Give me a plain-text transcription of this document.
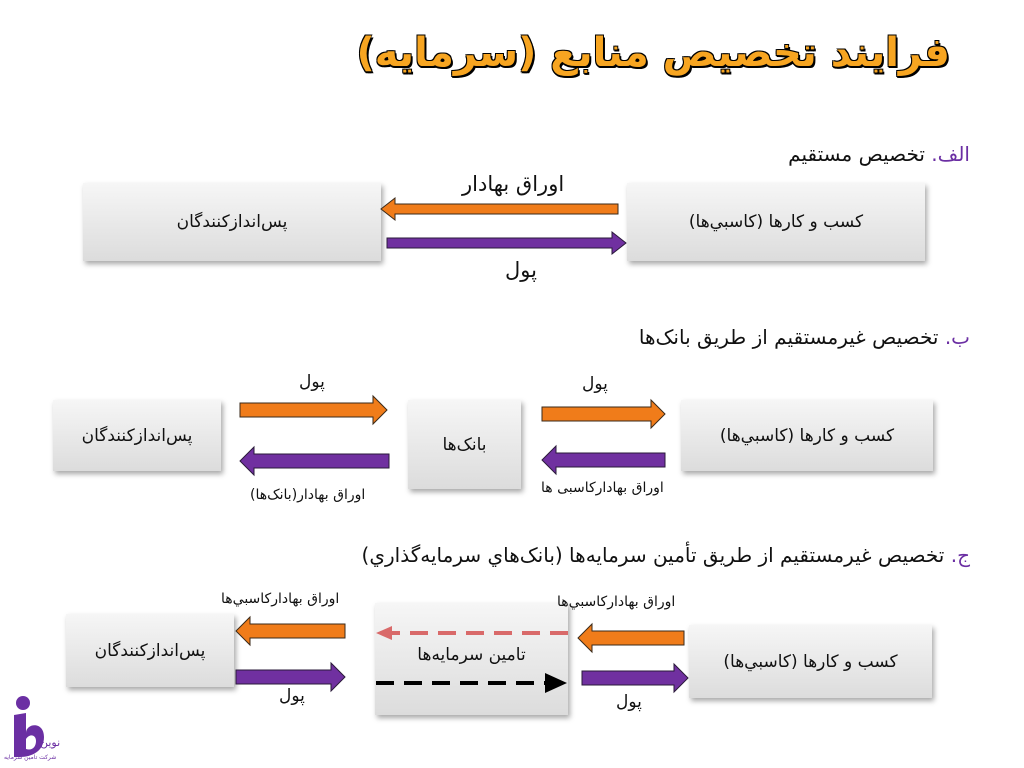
فرایند تخصیص منابع (سرمایه)
الف. تخصیص مستقیم
پس‌اندازکنندگان	کسب و کارها (کاسبي‌ها)
اوراق بهادار
پول
ب. تخصیص غیرمستقیم از طریق بانک‌ها
پس‌اندازکنندگان	بانک‌ها	کسب و کارها (کاسبي‌ها)
پول	پول
اوراق بهادار(بانک‌ها)	اوراق بهادارکاسبی ها
ج. تخصیص غیرمستقیم از طریق تأمین سرمایه‌ها (بانک‌هاي سرمایه‌گذاري)
پس‌اندازکنندگان	تامین سرمایه‌ها	کسب و کارها (کاسبي‌ها)
اوراق بهادارکاسبي‌ها	اوراق بهادارکاسبي‌ها
پول	پول
نوین
شرکت تامین سرمایه
